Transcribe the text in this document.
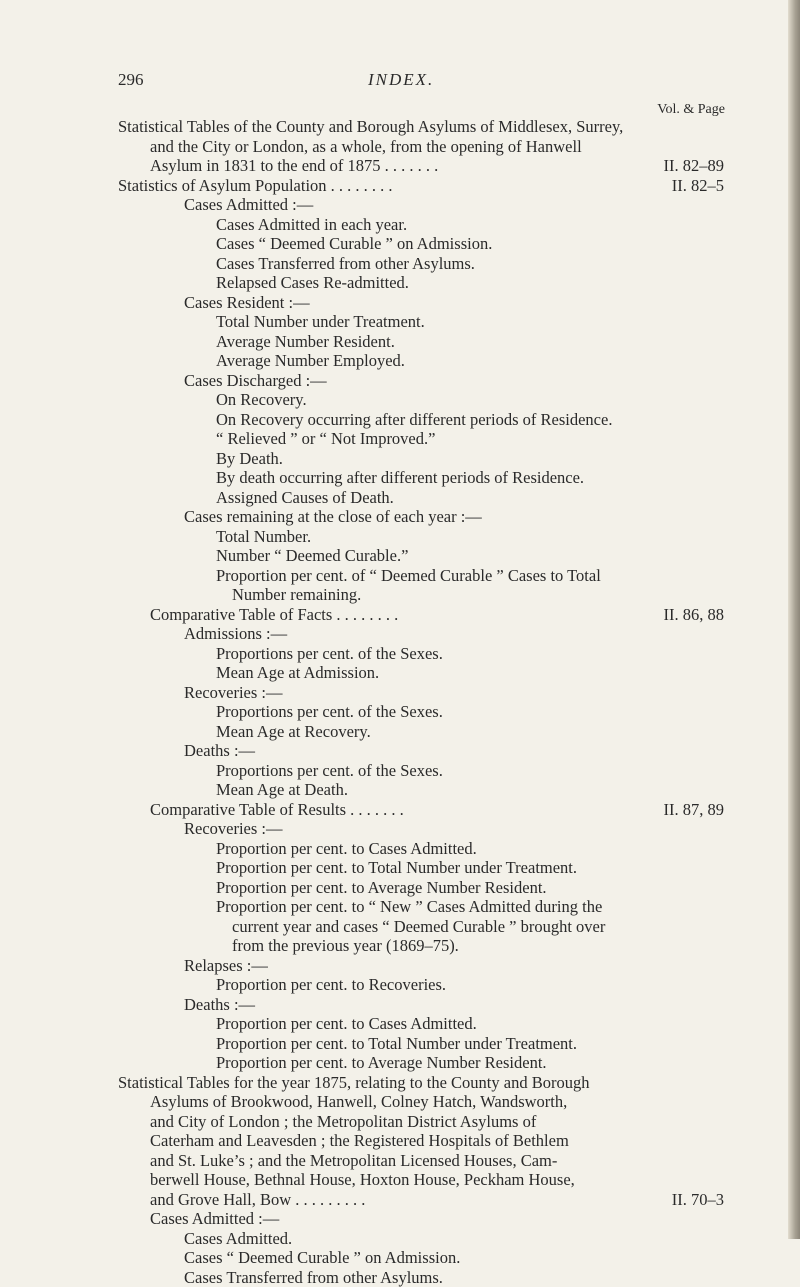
296	INDEX.
Vol. & Page
Statistical Tables of the County and Borough Asylums of Middlesex, Surrey,
and the City or London, as a whole, from the opening of Hanwell
Asylum in 1831 to the end of 1875 . . . . . . .	II. 82–89
Statistics of Asylum Population . . . . . . . .	II. 82–5
Cases Admitted :—
Cases Admitted in each year.
Cases “ Deemed Curable ” on Admission.
Cases Transferred from other Asylums.
Relapsed Cases Re-admitted.
Cases Resident :—
Total Number under Treatment.
Average Number Resident.
Average Number Employed.
Cases Discharged :—
On Recovery.
On Recovery occurring after different periods of Residence.
“ Relieved ” or “ Not Improved.”
By Death.
By death occurring after different periods of Residence.
Assigned Causes of Death.
Cases remaining at the close of each year :—
Total Number.
Number “ Deemed Curable.”
Proportion per cent. of “ Deemed Curable ” Cases to Total
Number remaining.
Comparative Table of Facts . . . . . . . .	II. 86, 88
Admissions :—
Proportions per cent. of the Sexes.
Mean Age at Admission.
Recoveries :—
Proportions per cent. of the Sexes.
Mean Age at Recovery.
Deaths :—
Proportions per cent. of the Sexes.
Mean Age at Death.
Comparative Table of Results . . . . . . .	II. 87, 89
Recoveries :—
Proportion per cent. to Cases Admitted.
Proportion per cent. to Total Number under Treatment.
Proportion per cent. to Average Number Resident.
Proportion per cent. to “ New ” Cases Admitted during the
current year and cases “ Deemed Curable ” brought over
from the previous year (1869–75).
Relapses :—
Proportion per cent. to Recoveries.
Deaths :—
Proportion per cent. to Cases Admitted.
Proportion per cent. to Total Number under Treatment.
Proportion per cent. to Average Number Resident.
Statistical Tables for the year 1875, relating to the County and Borough
Asylums of Brookwood, Hanwell, Colney Hatch, Wandsworth,
and City of London ; the Metropolitan District Asylums of
Caterham and Leavesden ; the Registered Hospitals of Bethlem
and St. Luke’s ; and the Metropolitan Licensed Houses, Cam-
berwell House, Bethnal House, Hoxton House, Peckham House,
and Grove Hall, Bow . . . . . . . . .	II. 70–3
Cases Admitted :—
Cases Admitted.
Cases “ Deemed Curable ” on Admission.
Cases Transferred from other Asylums.
